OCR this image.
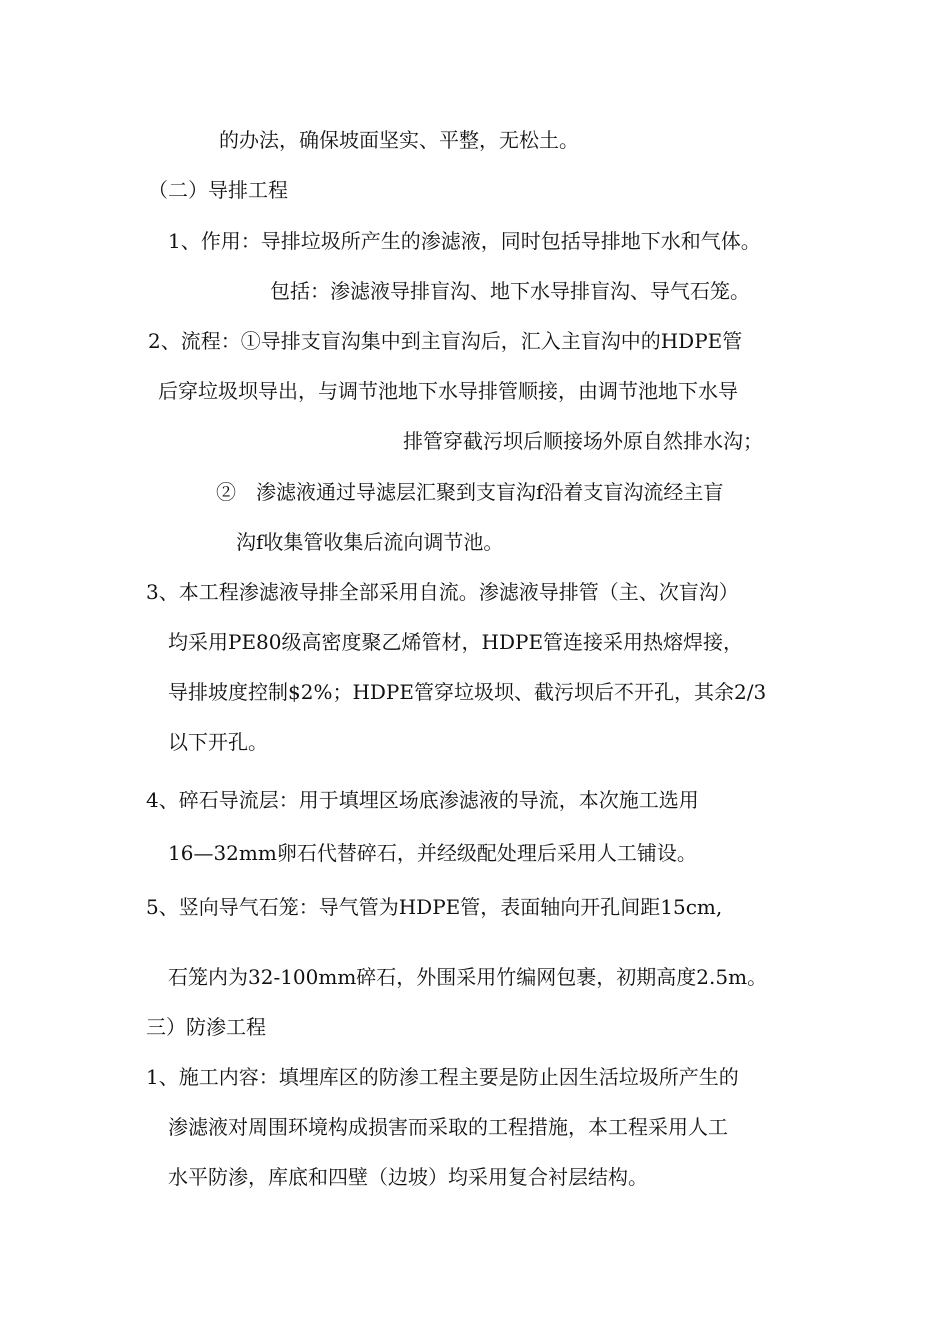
的办法，确保坡面坚实、平整，无松土。
（二）导排工程
1、作用：导排垃圾所产生的渗滤液，同时包括导排地下水和气体。
包括：渗滤液导排盲沟、地下水导排盲沟、导气石笼。
2、流程：①导排支盲沟集中到主盲沟后，汇入主盲沟中的HDPE管
后穿垃圾坝导出，与调节池地下水导排管顺接，由调节池地下水导
排管穿截污坝后顺接场外原自然排水沟；
②　渗滤液通过导滤层汇聚到支盲沟f沿着支盲沟流经主盲
沟f收集管收集后流向调节池。
3、本工程渗滤液导排全部采用自流。渗滤液导排管（主、次盲沟）
均采用PE80级高密度聚乙烯管材，HDPE管连接采用热熔焊接，
导排坡度控制$2%；HDPE管穿垃圾坝、截污坝后不开孔，其余2/3
以下开孔。
4、碎石导流层：用于填埋区场底渗滤液的导流，本次施工选用
16—32mm卵石代替碎石，并经级配处理后采用人工铺设。
5、竖向导气石笼：导气管为HDPE管，表面轴向开孔间距15cm,
石笼内为32-100mm碎石，外围采用竹编网包裹，初期高度2.5m。
三）防渗工程
1、施工内容：填埋库区的防渗工程主要是防止因生活垃圾所产生的
渗滤液对周围环境构成损害而采取的工程措施，本工程采用人工
水平防渗，库底和四壁（边坡）均采用复合衬层结构。
